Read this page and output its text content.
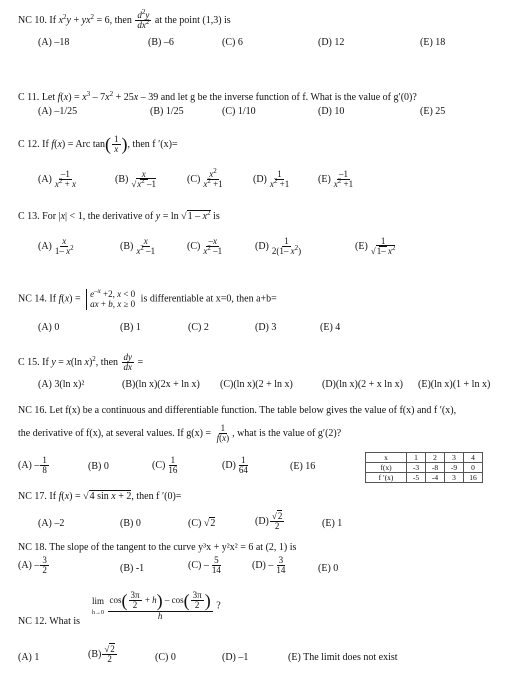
NC 10. If $x^2y + yx^2 = 6$, then $\frac{d^2y}{dx^2}$ at the point (1,3) is
(A) –18	(B) –6	(C) 6	(D) 12	(E) 18
C 11. Let $f(x) = x^3 - 7x^2 + 25x - 39$ and let g be the inverse function of f. What is the value of g′(0)?
(A) –1/25	(B) 1/25	(C) 1/10	(D) 10	(E) 25
C 12. If f(x) = Arc $\tan( \frac{1}{x}$ ), then f ′(x)=
$(A) \frac{-1}{x^2 + x}$	$(B) \frac{x}{√x^2 -1}$	$(C) \frac{x^2}{x^2 +1}$	$(D) \frac{1}{x^2 +1}$	$(E) \frac{-1}{x^2 +1}$
C 13. For |x| < 1, the derivative of $y = \ln √1 - x^2$ is
$(A) \frac{x}{1- x^2}$	$(B) \frac{x}{x^2 -1}$	$(C) \frac{-x}{x^2 -1}$	$(D) \frac{1}{2(1- x^2)}$	$(E) \frac{1}{√1- x^2}$
NC 14. If $f(x) = e^{-x} +2$, x < 0
ax + b, x ≥ 0 is differentiable at x=0, then a+b=
(A) 0	(B) 1	(C) 2	(D) 3	(E) 4
C 15. If y = x(ln x)$^2$, then $\frac{dy}{dx}$ =
(A) 3(ln x)²	(B)(ln x)(2x + ln x) (C)(ln x)(2 + ln x)	(D)(ln x)(2 + x ln x) (E)(ln x)(1 + ln x)
NC 16. Let f(x) be a continuous and differentiable function. The table below gives the value of f(x) and f ′(x),
the derivative of f(x), at several values. If $g(x) = \frac{1}{f(x)}$ , what is the value of g′(2)?
$(A) - \frac{1}{8}$	(B) 0	$(C) \frac{1}{16}$	$(D) \frac{1}{64}$	(E) 16
x	1	2	3	4
f(x)	-3	-8	-9	0
f ′(x)	-5	-4	3	16
NC 17. If f(x) = √4 sin x + 2, then f ′(0)=
(A) –2	(B) 0	(C) √2	$(D) \frac{√2}{2}$	(E) 1
NC 18. The slope of the tangent to the curve y³x + y²x² = 6 at (2, 1) is
$(A) - \frac{3}{2}$	(B) -1	$(C) - \frac{5}{14}$	$(D) - \frac{3}{14}$	(E) 0
NC 12. What is
lim
$h\to 0 \frac{\cos( \frac{3\pi}{2} + h) - \cos( \frac{3\pi}{2} )}{h}$ ?
(A) 1	$(B) \frac{√2}{2}$	(C) 0	(D) –1	(E) The limit does not exist
